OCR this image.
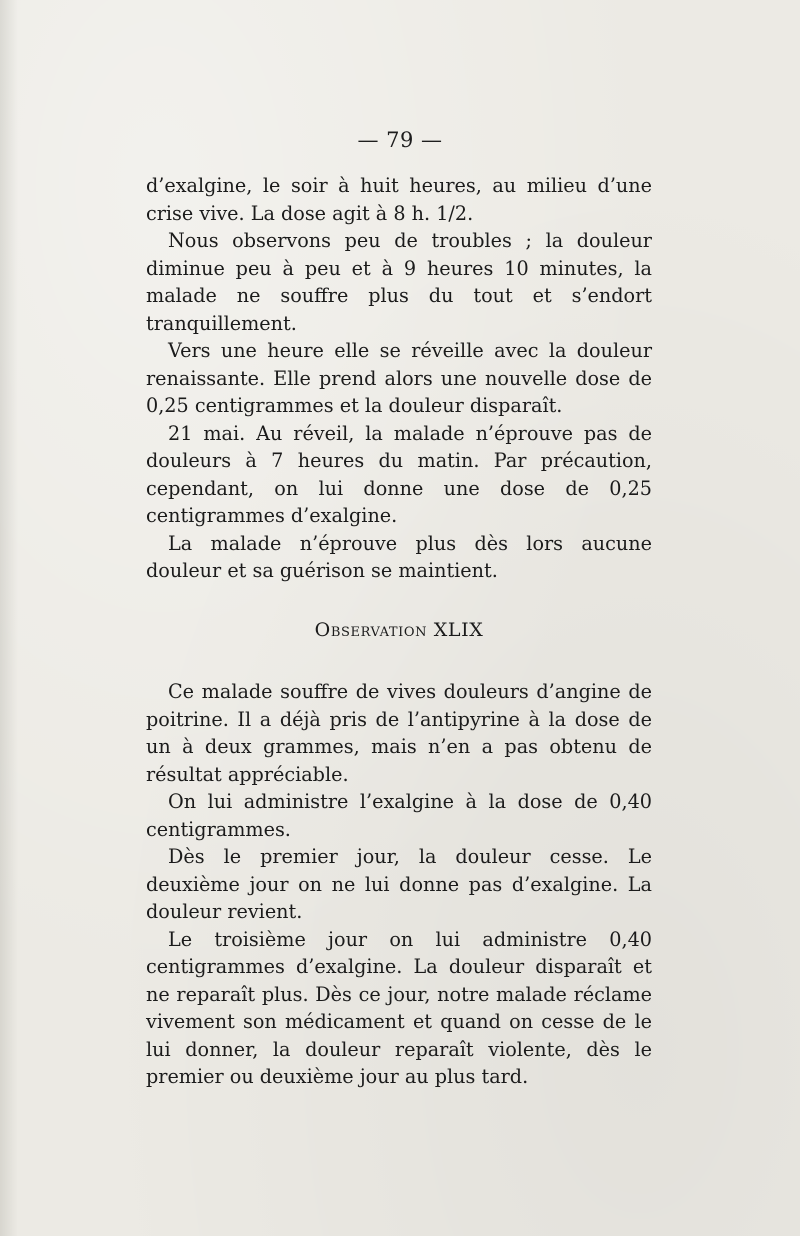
— 79 —

d’exalgine, le soir à huit heures, au milieu d’une crise vive. La dose agit à 8 h. 1/2.

Nous observons peu de troubles ; la douleur diminue peu à peu et à 9 heures 10 minutes, la malade ne souffre plus du tout et s’endort tranquillement.

Vers une heure elle se réveille avec la douleur renaissante. Elle prend alors une nouvelle dose de 0,25 centigrammes et la douleur disparaît.

21 mai. Au réveil, la malade n’éprouve pas de douleurs à 7 heures du matin. Par précaution, cependant, on lui donne une dose de 0,25 centigrammes d’exalgine.

La malade n’éprouve plus dès lors aucune douleur et sa guérison se maintient.

Observation XLIX

Ce malade souffre de vives douleurs d’angine de poitrine. Il a déjà pris de l’antipyrine à la dose de un à deux grammes, mais n’en a pas obtenu de résultat appréciable.

On lui administre l’exalgine à la dose de 0,40 centigrammes.

Dès le premier jour, la douleur cesse. Le deuxième jour on ne lui donne pas d’exalgine. La douleur revient.

Le troisième jour on lui administre 0,40 centigrammes d’exalgine. La douleur disparaît et ne reparaît plus. Dès ce jour, notre malade réclame vivement son médicament et quand on cesse de le lui donner, la douleur reparaît violente, dès le premier ou deuxième jour au plus tard.
